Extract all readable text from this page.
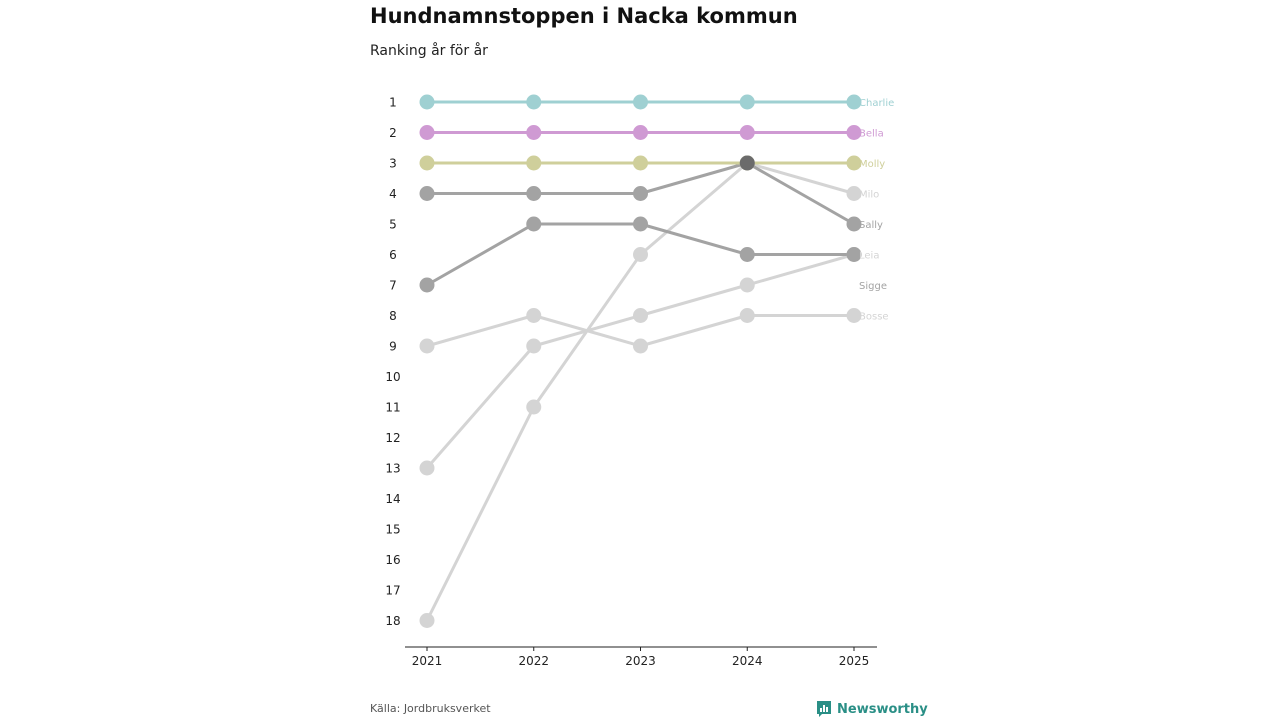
Hundnamnstoppen i Nacka kommun

Ranking år för år

1
2
3
4
5
6
7
8
9
10
11
12
13
14
15
16
17
18
2021	2022	2023	2024	2025
Charlie
Bella
Molly
Milo
Sally
Leia
Sigge
Bosse
Källa: Jordbruksverket	Newsworthy
